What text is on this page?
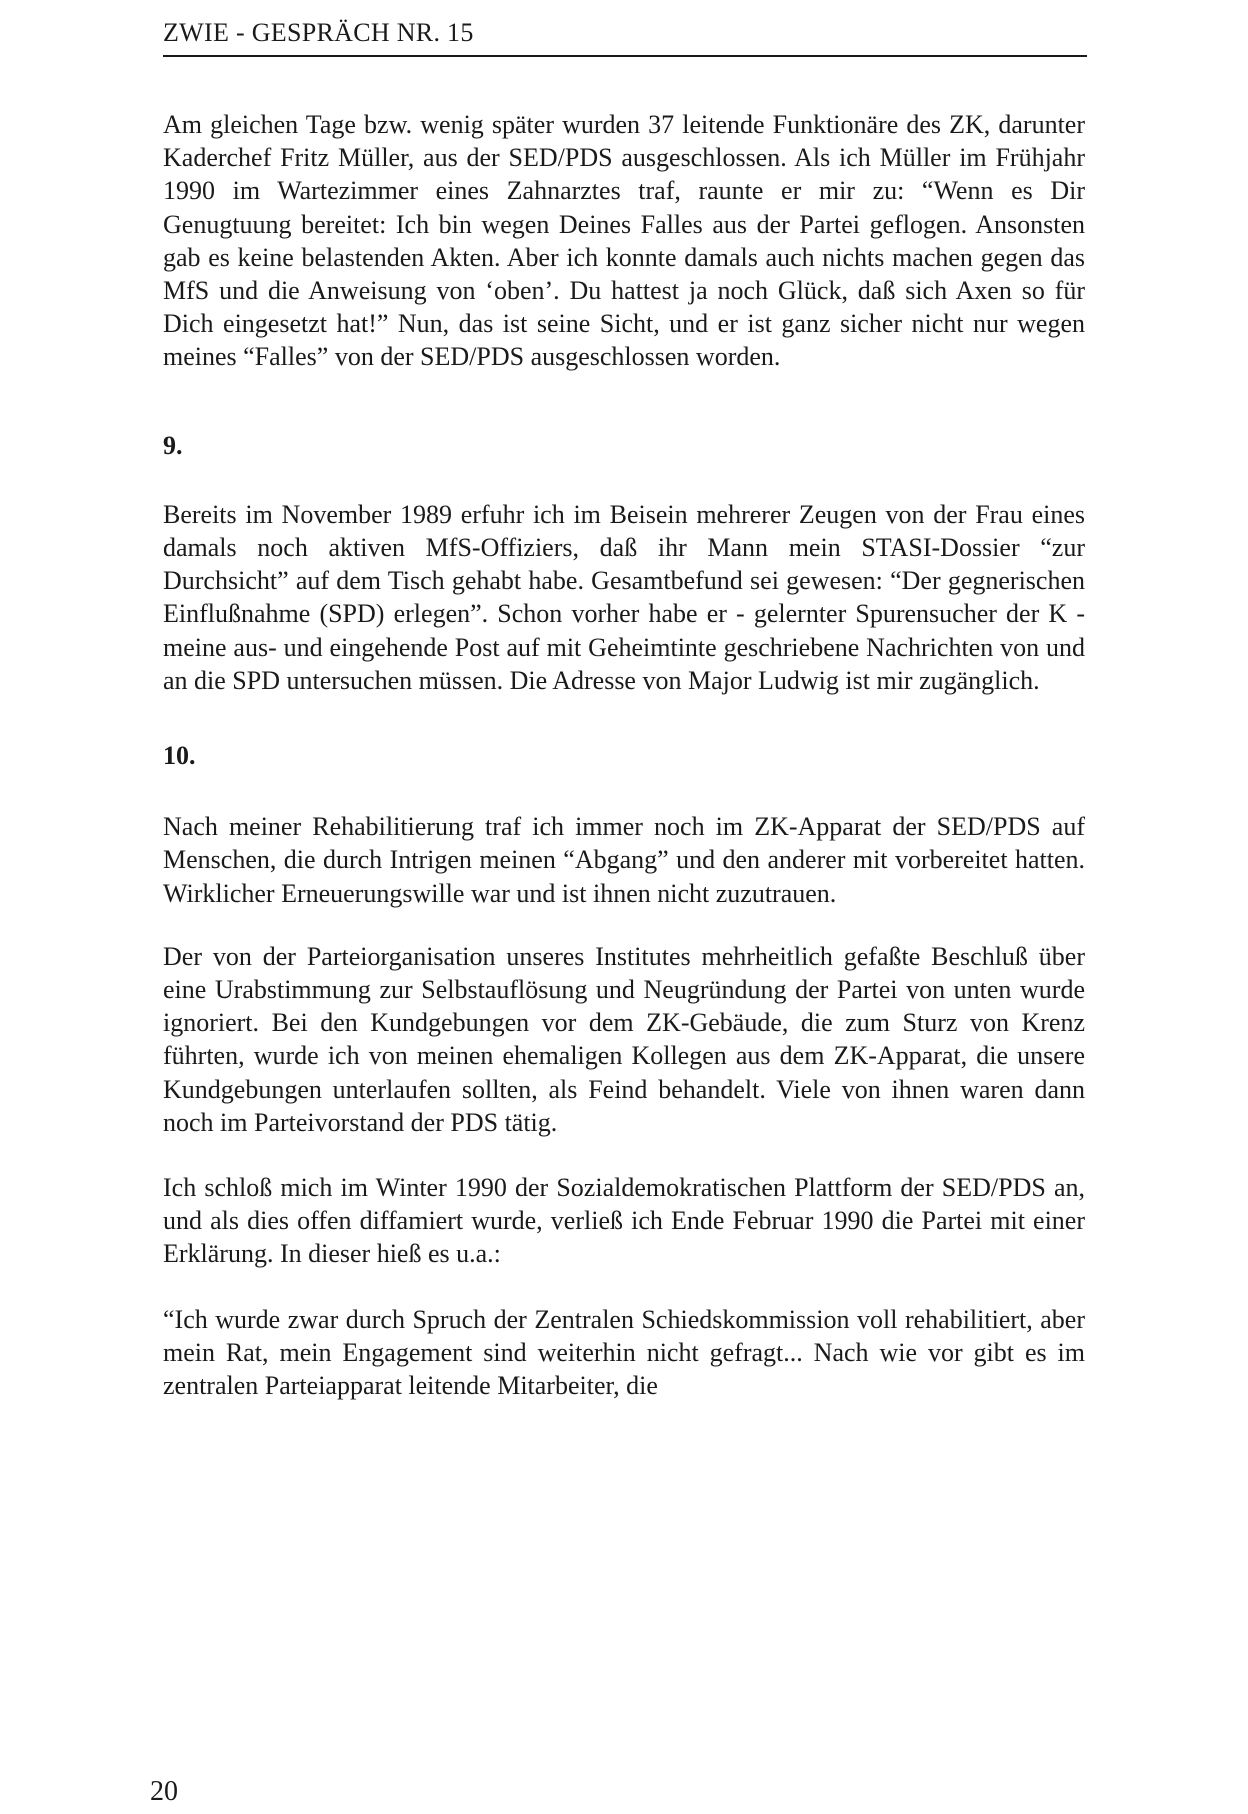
ZWIE - GESPRÄCH NR. 15

Am gleichen Tage bzw. wenig später wurden 37 leitende Funktionäre des ZK, darunter Kaderchef Fritz Müller, aus der SED/PDS ausgeschlossen. Als ich Müller im Frühjahr 1990 im Wartezimmer eines Zahnarztes traf, raunte er mir zu: “Wenn es Dir Genugtuung bereitet: Ich bin wegen Deines Falles aus der Partei geflogen. Ansonsten gab es keine belastenden Akten. Aber ich konnte damals auch nichts machen gegen das MfS und die Anweisung von ‘oben’. Du hattest ja noch Glück, daß sich Axen so für Dich eingesetzt hat!” Nun, das ist seine Sicht, und er ist ganz sicher nicht nur wegen meines “Falles” von der SED/PDS ausgeschlossen worden.

9.

Bereits im November 1989 erfuhr ich im Beisein mehrerer Zeugen von der Frau eines damals noch aktiven MfS-Offiziers, daß ihr Mann mein STASI-Dossier “zur Durchsicht” auf dem Tisch gehabt habe. Gesamtbefund sei gewesen: “Der gegnerischen Einflußnahme (SPD) erlegen”. Schon vorher habe er - gelernter Spurensucher der K - meine aus- und eingehende Post auf mit Geheimtinte geschriebene Nachrichten von und an die SPD untersuchen müssen. Die Adresse von Major Ludwig ist mir zugänglich.

10.

Nach meiner Rehabilitierung traf ich immer noch im ZK-Apparat der SED/PDS auf Menschen, die durch Intrigen meinen “Abgang” und den anderer mit vorbereitet hatten. Wirklicher Erneuerungswille war und ist ihnen nicht zuzutrauen.

Der von der Parteiorganisation unseres Institutes mehrheitlich gefaßte Beschluß über eine Urabstimmung zur Selbstauflösung und Neugründung der Partei von unten wurde ignoriert. Bei den Kundgebungen vor dem ZK-Gebäude, die zum Sturz von Krenz führten, wurde ich von meinen ehemaligen Kollegen aus dem ZK-Apparat, die unsere Kundgebungen unterlaufen sollten, als Feind behandelt. Viele von ihnen waren dann noch im Parteivorstand der PDS tätig.

Ich schloß mich im Winter 1990 der Sozialdemokratischen Plattform der SED/PDS an, und als dies offen diffamiert wurde, verließ ich Ende Februar 1990 die Partei mit einer Erklärung. In dieser hieß es u.a.:

“Ich wurde zwar durch Spruch der Zentralen Schiedskommission voll rehabilitiert, aber mein Rat, mein Engagement sind weiterhin nicht gefragt... Nach wie vor gibt es im zentralen Parteiapparat leitende Mitarbeiter, die

20
